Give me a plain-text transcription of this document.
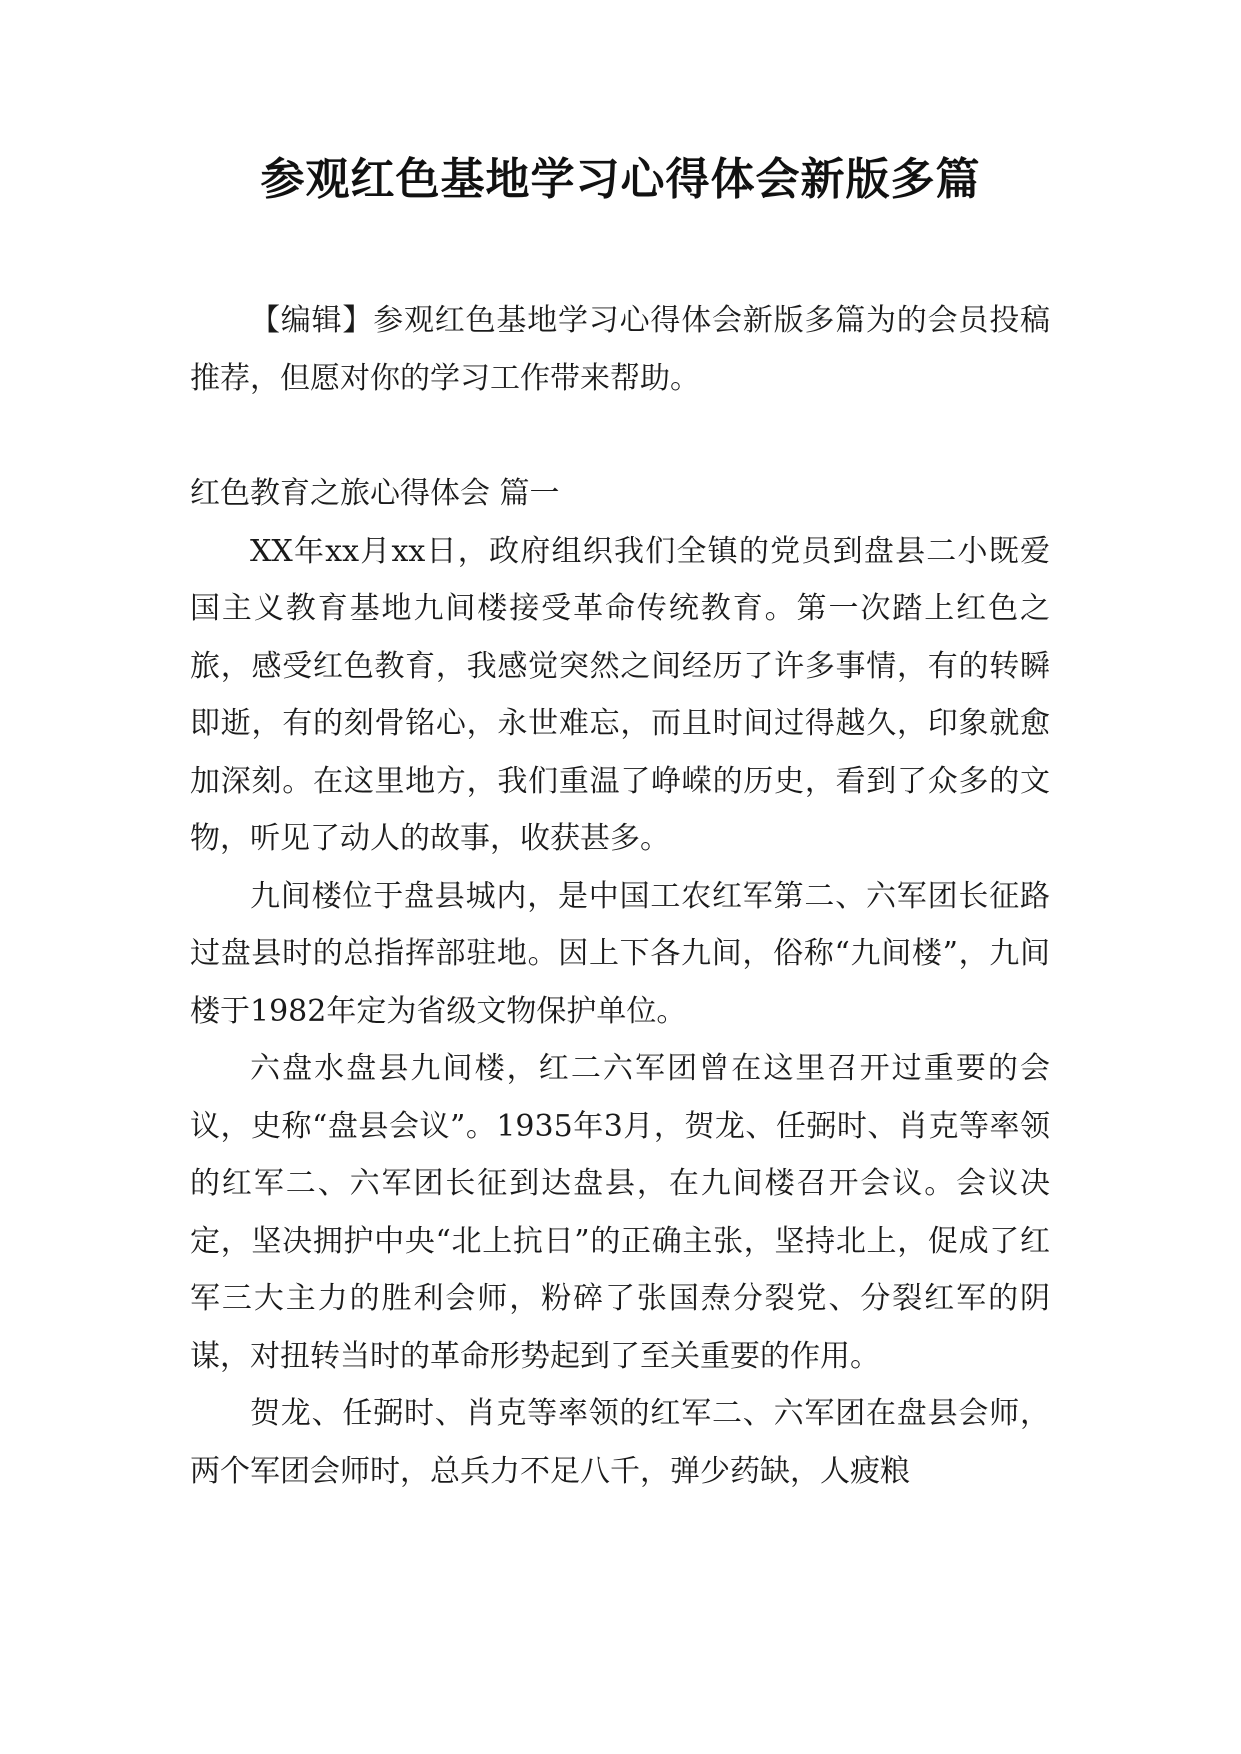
参观红色基地学习心得体会新版多篇

【编辑】参观红色基地学习心得体会新版多篇为的会员投稿推荐，但愿对你的学习工作带来帮助。

红色教育之旅心得体会 篇一

XX年xx月xx日，政府组织我们全镇的党员到盘县二小既爱国主义教育基地九间楼接受革命传统教育。第一次踏上红色之旅，感受红色教育，我感觉突然之间经历了许多事情，有的转瞬即逝，有的刻骨铭心，永世难忘，而且时间过得越久，印象就愈加深刻。在这里地方，我们重温了峥嵘的历史，看到了众多的文物，听见了动人的故事，收获甚多。

九间楼位于盘县城内，是中国工农红军第二、六军团长征路过盘县时的总指挥部驻地。因上下各九间，俗称“九间楼”，九间楼于1982年定为省级文物保护单位。

六盘水盘县九间楼，红二六军团曾在这里召开过重要的会议，史称“盘县会议”。1935年3月，贺龙、任弼时、肖克等率领的红军二、六军团长征到达盘县，在九间楼召开会议。会议决定，坚决拥护中央“北上抗日”的正确主张，坚持北上，促成了红军三大主力的胜利会师，粉碎了张国焘分裂党、分裂红军的阴谋，对扭转当时的革命形势起到了至关重要的作用。

贺龙、任弼时、肖克等率领的红军二、六军团在盘县会师，两个军团会师时，总兵力不足八千，弹少药缺，人疲粮
